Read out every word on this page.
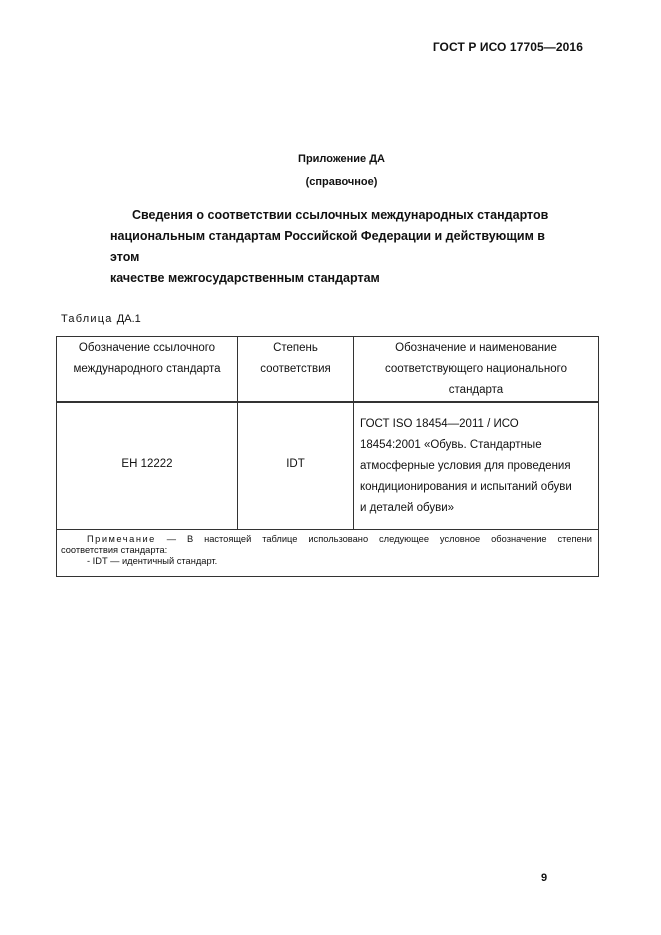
ГОСТ Р ИСО 17705—2016
Приложение ДА
(справочное)
Сведения о соответствии ссылочных международных стандартов
национальным стандартам Российской Федерации и действующим в этом
качестве межгосударственным стандартам
Таблица ДА.1
Обозначение ссылочного
международного стандарта
Степень
соответствия
Обозначение и наименование
соответствующего национального
стандарта
ЕН 12222	IDT
ГОСТ ISO 18454—2011 / ИСО
18454:2001 «Обувь. Стандартные
атмосферные условия для проведения
кондиционирования и испытаний обуви
и деталей обуви»
Примечание — В настоящей таблице использовано следующее условное обозначение степени
соответствия стандарта:
- IDT — идентичный стандарт.
9
